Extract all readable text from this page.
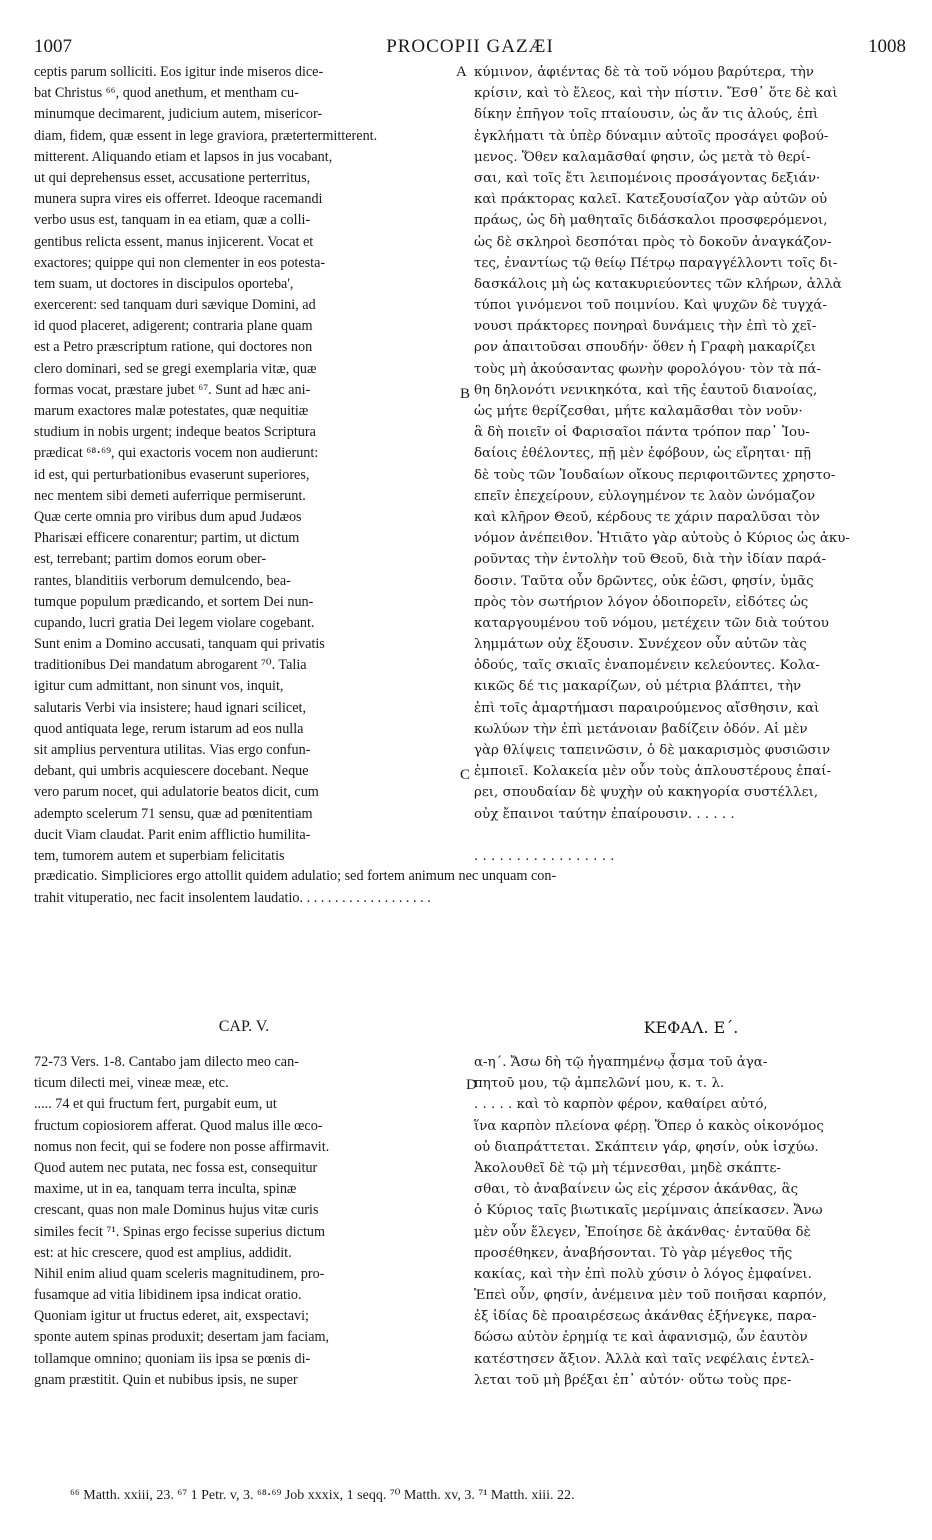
1007	PROCOPII GAZÆI	1008
A
B
C
D
ceptis parum solliciti. Eos igitur inde miseros dice-
bat Christus ⁶⁶, quod anethum, et mentham cu-
minumque decimarent, judicium autem, misericor-
diam, fidem, quæ essent in lege graviora, prætertermitterent.
mitterent. Aliquando etiam et lapsos in jus vocabant,
ut qui deprehensus esset, accusatione perterritus,
munera supra vires eis offerret. Ideoque racemandi
verbo usus est, tanquam in ea etiam, quæ a colli-
gentibus relicta essent, manus injicerent. Vocat et
exactores; quippe qui non clementer in eos potesta-
tem suam, ut doctores in discipulos oporteba',
exercerent: sed tanquam duri sævique Domini, ad
id quod placeret, adigerent; contraria plane quam
est a Petro præscriptum ratione, qui doctores non
clero dominari, sed se gregi exemplaria vitæ, quæ
formas vocat, præstare jubet ⁶⁷. Sunt ad hæc ani-
marum exactores malæ potestates, quæ nequitiæ
studium in nobis urgent; indeque beatos Scriptura
prædicat ⁶⁸⋅⁶⁹, qui exactoris vocem non audierunt:
id est, qui perturbationibus evaserunt superiores,
nec mentem sibi demeti auferrique permiserunt.
Quæ certe omnia pro viribus dum apud Judæos
Pharisæi efficere conarentur; partim, ut dictum
est, terrebant; partim domos eorum ober-
rantes, blanditiis verborum demulcendo, bea-
tumque populum prædicando, et sortem Dei nun-
cupando, lucri gratia Dei legem violare cogebant.
Sunt enim a Domino accusati, tanquam qui privatis
traditionibus Dei mandatum abrogarent ⁷⁰. Talia
igitur cum admittant, non sinunt vos, inquit,
salutaris Verbi via insistere; haud ignari scilicet,
quod antiquata lege, rerum istarum ad eos nulla
sit amplius perventura utilitas. Vias ergo confun-
debant, qui umbris acquiescere docebant. Neque
vero parum nocet, qui adulatorie beatos dicit, cum
adempto scelerum 71 sensu, quæ ad pœnitentiam
ducit Viam claudat. Parit enim afflictio humilita-
tem, tumorem autem et superbiam felicitatis
κύμινον, ἀφιέντας δὲ τὰ τοῦ νόμου βαρύτερα, τὴν
κρίσιν, καὶ τὸ ἔλεος, καὶ τὴν πίστιν. Ἔσθ᾽ ὅτε δὲ καὶ
δίκην ἐπῆγον τοῖς πταίουσιν, ὡς ἄν τις ἁλούς, ἐπὶ
ἐγκλήματι τὰ ὑπὲρ δύναμιν αὐτοῖς προσάγει φοβού-
μενος. Ὅθεν καλαμᾶσθαί φησιν, ὡς μετὰ τὸ θερί-
σαι, καὶ τοῖς ἔτι λειπομένοις προσάγοντας δεξιάν·
καὶ πράκτορας καλεῖ. Κατεξουσίαζον γὰρ αὐτῶν οὐ
πράως, ὡς δὴ μαθηταῖς διδάσκαλοι προσφερόμενοι,
ὡς δὲ σκληροὶ δεσπόται πρὸς τὸ δοκοῦν ἀναγκάζον-
τες, ἐναντίως τῷ θείῳ Πέτρῳ παραγγέλλοντι τοῖς δι-
δασκάλοις μὴ ὡς κατακυριεύοντες τῶν κλήρων, ἀλλὰ
τύποι γινόμενοι τοῦ ποιμνίου. Καὶ ψυχῶν δὲ τυγχά-
νουσι πράκτορες πονηραὶ δυνάμεις τὴν ἐπὶ τὸ χεῖ-
ρον ἀπαιτοῦσαι σπουδήν· ὅθεν ἡ Γραφὴ μακαρίζει
τοὺς μὴ ἀκούσαντας φωνὴν φορολόγου· τὸν τὰ πά-
θη δηλονότι νενικηκότα, καὶ τῆς ἑαυτοῦ διανοίας,
ὡς μήτε θερίζεσθαι, μήτε καλαμᾶσθαι τὸν νοῦν·
ἃ δὴ ποιεῖν οἱ Φαρισαῖοι πάντα τρόπον παρ᾽ Ἰου-
δαίοις ἐθέλοντες, πῇ μὲν ἐφόβουν, ὡς εἴρηται· πῇ
δὲ τοὺς τῶν Ἰουδαίων οἴκους περιφοιτῶντες χρηστο-
επεῖν ἐπεχείρουν, εὐλογημένον τε λαὸν ὠνόμαζον
καὶ κλῆρον Θεοῦ, κέρδους τε χάριν παραλῦσαι τὸν
νόμον ἀνέπειθον. Ἠτιᾶτο γὰρ αὐτοὺς ὁ Κύριος ὡς ἀκυ-
ροῦντας τὴν ἐντολὴν τοῦ Θεοῦ, διὰ τὴν ἰδίαν παρά-
δοσιν. Ταῦτα οὖν δρῶντες, οὐκ ἐῶσι, φησίν, ὑμᾶς
πρὸς τὸν σωτήριον λόγον ὁδοιπορεῖν, εἰδότες ὡς
καταργουμένου τοῦ νόμου, μετέχειν τῶν διὰ τούτου
λημμάτων οὐχ ἕξουσιν. Συνέχεον οὖν αὐτῶν τὰς
ὁδούς, ταῖς σκιαῖς ἐναπομένειν κελεύοντες. Κολα-
κικῶς δέ τις μακαρίζων, οὐ μέτρια βλάπτει, τὴν
ἐπὶ τοῖς ἁμαρτήμασι παραιρούμενος αἴσθησιν, καὶ
κωλύων τὴν ἐπὶ μετάνοιαν βαδίζειν ὁδόν. Αἱ μὲν
γὰρ θλίψεις ταπεινῶσιν, ὁ δὲ μακαρισμὸς φυσιῶσιν
ἐμποιεῖ. Κολακεία μὲν οὖν τοὺς ἁπλουστέρους ἐπαί-
ρει, σπουδαίαν δὲ ψυχὴν οὐ κακηγορία συστέλλει,
οὐχ ἔπαινοι ταύτην ἐπαίρουσιν. . . . . .
. . . . . . . . . . . . . . . . .
prædicatio. Simpliciores ergo attollit quidem adulatio; sed fortem animum nec unquam con-
trahit vituperatio, nec facit insolentem laudatio. . . . . . . . . . . . . . . . . . .
CAP. V.	ΚΕΦΑΛ. Ε΄.
72-73 Vers. 1-8. Cantabo jam dilecto meo can-
ticum dilecti mei, vineæ meæ, etc.
..... 74 et qui fructum fert, purgabit eum, ut
fructum copiosiorem afferat. Quod malus ille œco-
nomus non fecit, qui se fodere non posse affirmavit.
Quod autem nec putata, nec fossa est, consequitur
maxime, ut in ea, tanquam terra inculta, spinæ
crescant, quas non male Dominus hujus vitæ curis
similes fecit ⁷¹. Spinas ergo fecisse superius dictum
est: at hic crescere, quod est amplius, addidit.
Nihil enim aliud quam sceleris magnitudinem, pro-
fusamque ad vitia libidinem ipsa indicat oratio.
Quoniam igitur ut fructus ederet, ait, exspectavi;
sponte autem spinas produxit; desertam jam faciam,
tollamque omnino; quoniam iis ipsa se pœnis di-
gnam præstitit. Quin et nubibus ipsis, ne super
α-η΄. Ἄσω δὴ τῷ ἠγαπημένῳ ᾆσμα τοῦ ἀγα-
πητοῦ μου, τῷ ἀμπελῶνί μου, κ. τ. λ.
. . . . . καὶ τὸ καρπὸν φέρον, καθαίρει αὐτό,
ἵνα καρπὸν πλείονα φέρῃ. Ὅπερ ὁ κακὸς οἰκονόμος
οὐ διαπράττεται. Σκάπτειν γάρ, φησίν, οὐκ ἰσχύω.
Ἀκολουθεῖ δὲ τῷ μὴ τέμνεσθαι, μηδὲ σκάπτε-
σθαι, τὸ ἀναβαίνειν ὡς εἰς χέρσον ἀκάνθας, ἃς
ὁ Κύριος ταῖς βιωτικαῖς μερίμναις ἀπείκασεν. Ἄνω
μὲν οὖν ἔλεγεν, Ἐποίησε δὲ ἀκάνθας· ἐνταῦθα δὲ
προσέθηκεν, ἀναβήσονται. Τὸ γὰρ μέγεθος τῆς
κακίας, καὶ τὴν ἐπὶ πολὺ χύσιν ὁ λόγος ἐμφαίνει.
Ἐπεὶ οὖν, φησίν, ἀνέμεινα μὲν τοῦ ποιῆσαι καρπόν,
ἐξ ἰδίας δὲ προαιρέσεως ἀκάνθας ἐξήνεγκε, παρα-
δώσω αὐτὸν ἐρημίᾳ τε καὶ ἀφανισμῷ, ὧν ἑαυτὸν
κατέστησεν ἄξιον. Ἀλλὰ καὶ ταῖς νεφέλαις ἐντελ-
λεται τοῦ μὴ βρέξαι ἐπ᾽ αὐτόν· οὕτω τοὺς πρε-
⁶⁶ Matth. xxiii, 23. ⁶⁷ 1 Petr. v, 3. ⁶⁸⋅⁶⁹ Job xxxix, 1 seqq. ⁷⁰ Matth. xv, 3. ⁷¹ Matth. xiii. 22.
